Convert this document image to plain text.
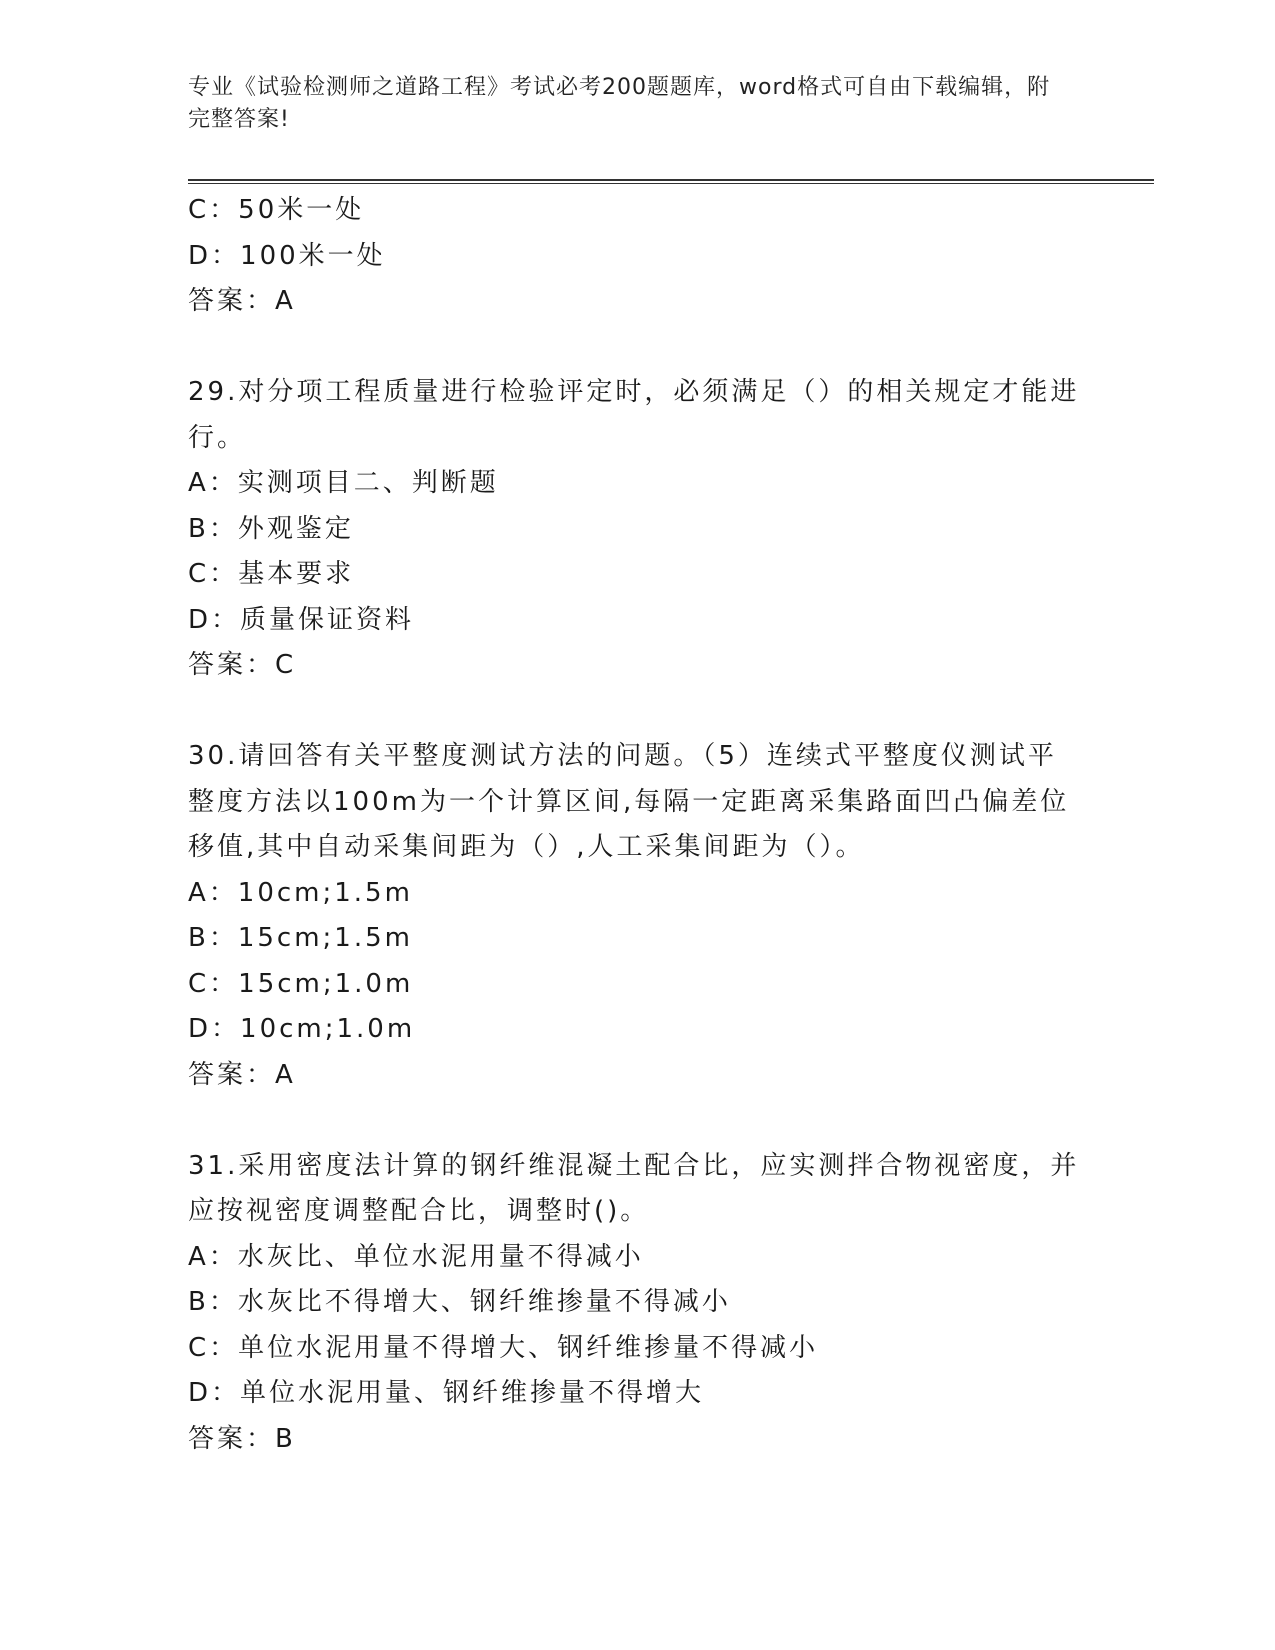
专业《试验检测师之道路工程》考试必考200题题库，word格式可自由下载编辑，附完整答案!
C：50米一处
D：100米一处
答案：A
29.对分项工程质量进行检验评定时，必须满足（）的相关规定才能进
行。
A：实测项目二、判断题
B：外观鉴定
C：基本要求
D：质量保证资料
答案：C
30.请回答有关平整度测试方法的问题。（5）连续式平整度仪测试平
整度方法以100m为一个计算区间,每隔一定距离采集路面凹凸偏差位
移值,其中自动采集间距为（）,人工采集间距为（）。
A：10cm;1.5m
B：15cm;1.5m
C：15cm;1.0m
D：10cm;1.0m
答案：A
31.采用密度法计算的钢纤维混凝土配合比，应实测拌合物视密度，并
应按视密度调整配合比，调整时()。
A：水灰比、单位水泥用量不得减小
B：水灰比不得增大、钢纤维掺量不得减小
C：单位水泥用量不得增大、钢纤维掺量不得减小
D：单位水泥用量、钢纤维掺量不得增大
答案：B
